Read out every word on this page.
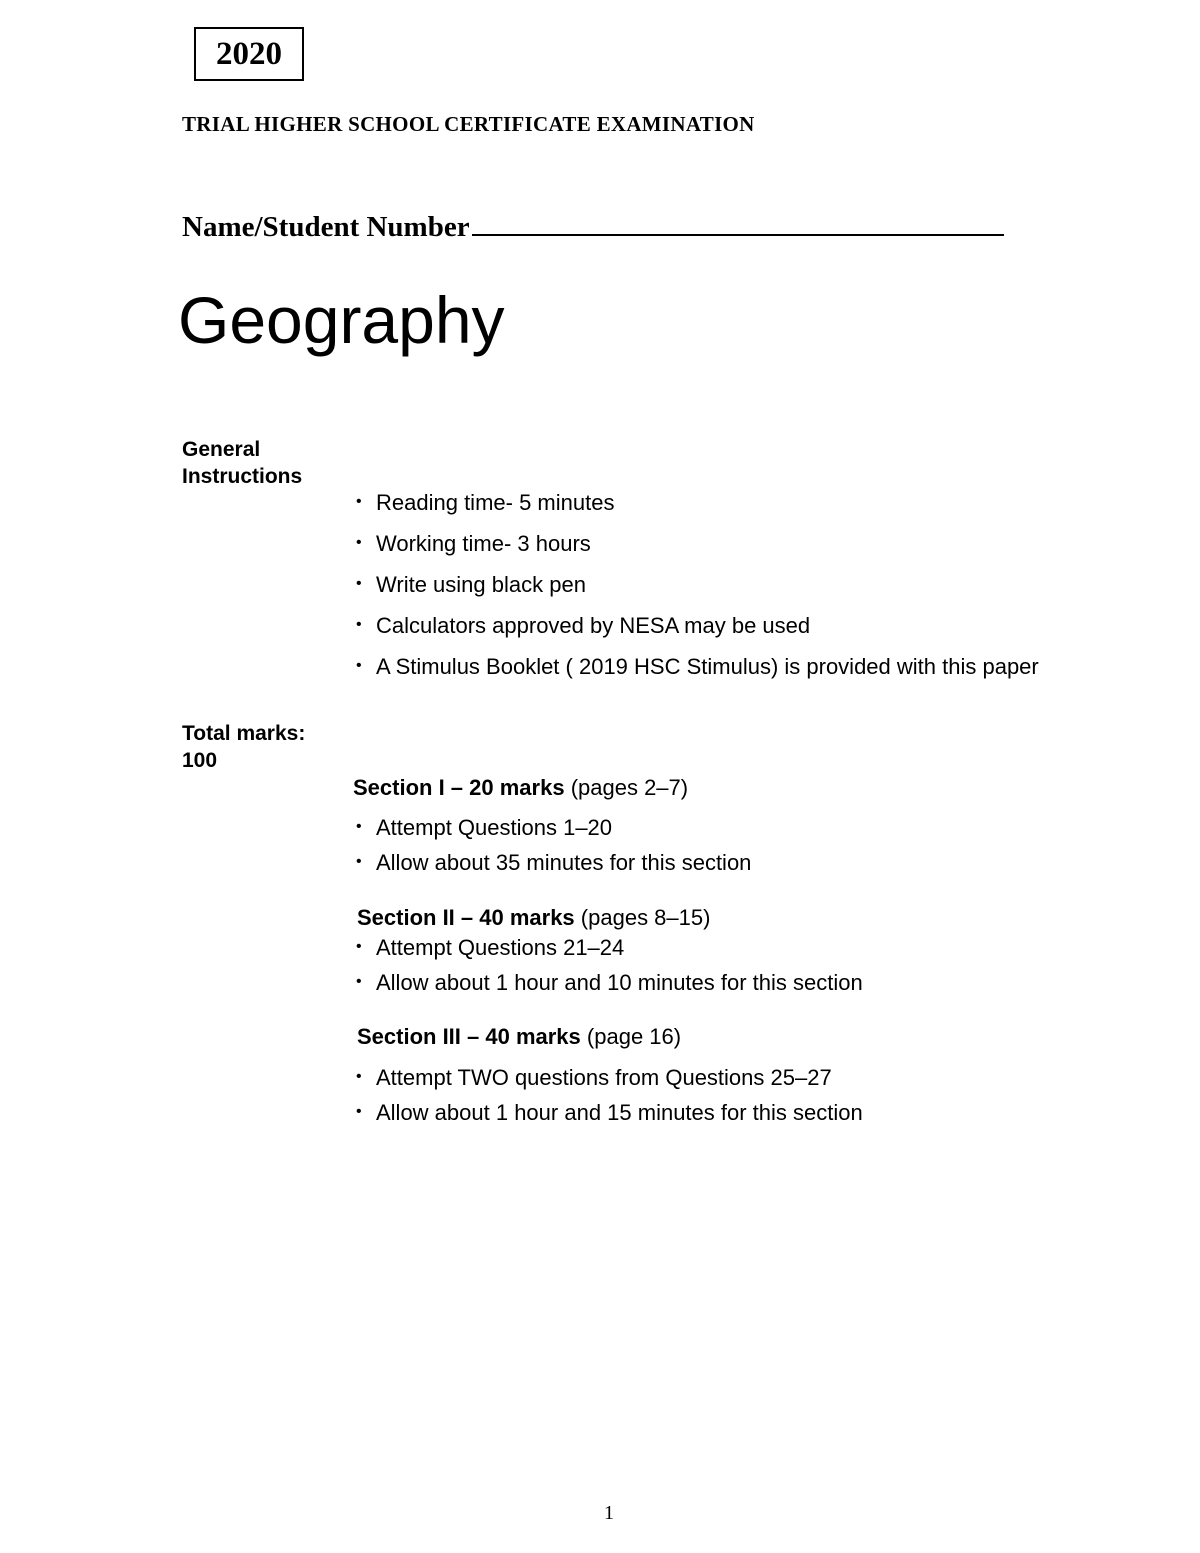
2020
TRIAL HIGHER SCHOOL CERTIFICATE EXAMINATION
Name/Student Number
Geography
General
Instructions
• Reading time- 5 minutes
• Working time- 3 hours
• Write using black pen
• Calculators approved by NESA may be used
• A Stimulus Booklet ( 2019 HSC Stimulus) is provided with this paper
Total marks:
100
Section I – 20 marks (pages 2–7)
• Attempt Questions 1–20
• Allow about 35 minutes for this section
Section II – 40 marks (pages 8–15)
• Attempt Questions 21–24
• Allow about 1 hour and 10 minutes for this section
Section III – 40 marks (page 16)
• Attempt TWO questions from Questions 25–27
• Allow about 1 hour and 15 minutes for this section
1
